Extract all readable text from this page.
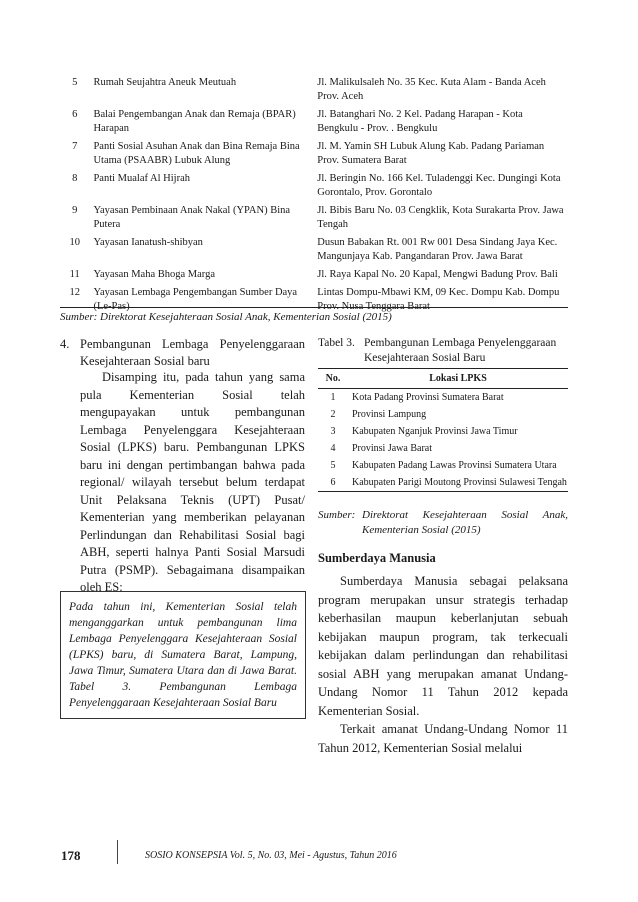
5	Rumah Seujahtra Aneuk Meutuah	Jl. Malikulsaleh No. 35 Kec. Kuta Alam - Banda Aceh Prov. Aceh
6	Balai Pengembangan Anak dan Remaja (BPAR) Harapan	Jl. Batanghari No. 2 Kel. Padang Harapan - Kota Bengkulu - Prov. . Bengkulu
7	Panti Sosial Asuhan Anak dan Bina Remaja Bina Utama (PSAABR) Lubuk Alung	Jl. M. Yamin SH Lubuk Alung Kab. Padang Pariaman Prov. Sumatera Barat
8	Panti Mualaf Al Hijrah	Jl. Beringin No. 166 Kel. Tuladenggi Kec. Dungingi Kota Gorontalo, Prov. Gorontalo
9	Yayasan Pembinaan Anak Nakal (YPAN) Bina Putera	Jl. Bibis Baru No. 03 Cengklik, Kota Surakarta Prov. Jawa Tengah
10	Yayasan Ianatush-shibyan	Dusun Babakan Rt. 001 Rw 001 Desa Sindang Jaya Kec. Mangunjaya Kab. Pangandaran Prov. Jawa Barat
11	Yayasan Maha Bhoga Marga	Jl. Raya Kapal No. 20 Kapal, Mengwi Badung Prov. Bali
12	Yayasan Lembaga Pengembangan Sumber Daya	Lintas Dompu-Mbawi KM, 09 Kec. Dompu Kab. Dompu
Sumber: Direktorat Kesejahteraan Sosial Anak, Kementerian Sosial (2015)
4. Pembangunan Lembaga Penyelenggaraan Kesejahteraan Sosial baru
Disamping itu, pada tahun yang sama pula Kementerian Sosial telah mengupayakan untuk pembangunan Lembaga Penyelenggara Kesejahteraan Sosial (LPKS) baru. Pembangunan LPKS baru ini dengan pertimbangan bahwa pada regional/ wilayah tersebut belum terdapat Unit Pelaksana Teknis (UPT) Pusat/ Kementerian yang memberikan pelayanan Perlindungan dan Rehabilitasi Sosial bagi ABH, seperti halnya Panti Sosial Marsudi Putra (PSMP). Sebagaimana disampaikan oleh ES:
Pada tahun ini, Kementerian Sosial telah menganggarkan untuk pembangunan lima Lembaga Penyelenggara Kesejahteraan Sosial (LPKS) baru, di Sumatera Barat, Lampung, Jawa Timur, Sumatera Utara dan di Jawa Barat. Tabel 3. Pembangunan Lembaga Penyelenggaraan Kesejahteraan Sosial Baru
Tabel 3. Pembangunan Lembaga Penyelenggaraan Kesejahteraan Sosial Baru
No.	Lokasi LPKS
1	Kota Padang Provinsi Sumatera Barat
2	Provinsi Lampung
3	Kabupaten Nganjuk Provinsi Jawa Timur
4	Provinsi Jawa Barat
5	Kabupaten Padang Lawas Provinsi Sumatera Utara
6	Kabupaten Parigi Moutong Provinsi Sulawesi Tengah
Sumber: Direktorat Kesejahteraan Sosial Anak, Kementerian Sosial (2015)
Sumberdaya Manusia
Sumberdaya Manusia sebagai pelaksana program merupakan unsur strategis terhadap keberhasilan maupun keberlanjutan sebuah kebijakan maupun program, tak terkecuali kebijakan dalam perlindungan dan rehabilitasi sosial ABH yang merupakan amanat Undang-Undang Nomor 11 Tahun 2012 kepada Kementerian Sosial.
Terkait amanat Undang-Undang Nomor 11 Tahun 2012, Kementerian Sosial melalui
178	SOSIO KONSEPSIA Vol. 5, No. 03, Mei - Agustus, Tahun 2016
